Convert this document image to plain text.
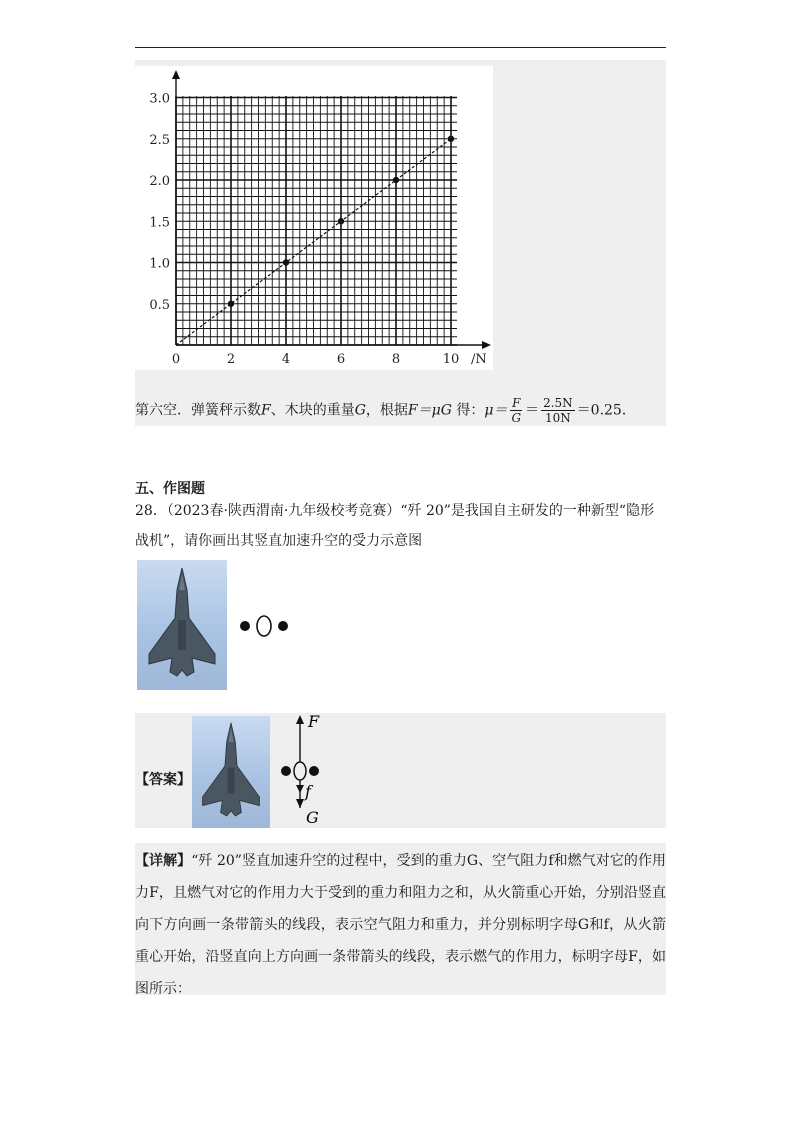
0	2	4	6	8	10
0.5
1.0
1.5
2.0
2.5
3.0
/N
第六空．弹簧秤示数F、木块的重量G，根据F＝μG 得：$\mu= \frac{F}{G} = \frac{2.5N}{10N} =0.25$．
五、作图题
28．（2023春·陕西渭南·九年级校考竞赛）“歼 20”是我国自主研发的一种新型“隐形战机”，请你画出其竖直加速升空的受力示意图
【答案】
F
f
G
【详解】“歼 20”竖直加速升空的过程中，受到的重力G、空气阻力f和燃气对它的作用力F，且燃气对它的作用力大于受到的重力和阻力之和，从火箭重心开始，分别沿竖直向下方向画一条带箭头的线段，表示空气阻力和重力，并分别标明字母G和f，从火箭重心开始，沿竖直向上方向画一条带箭头的线段，表示燃气的作用力，标明字母F，如图所示：
